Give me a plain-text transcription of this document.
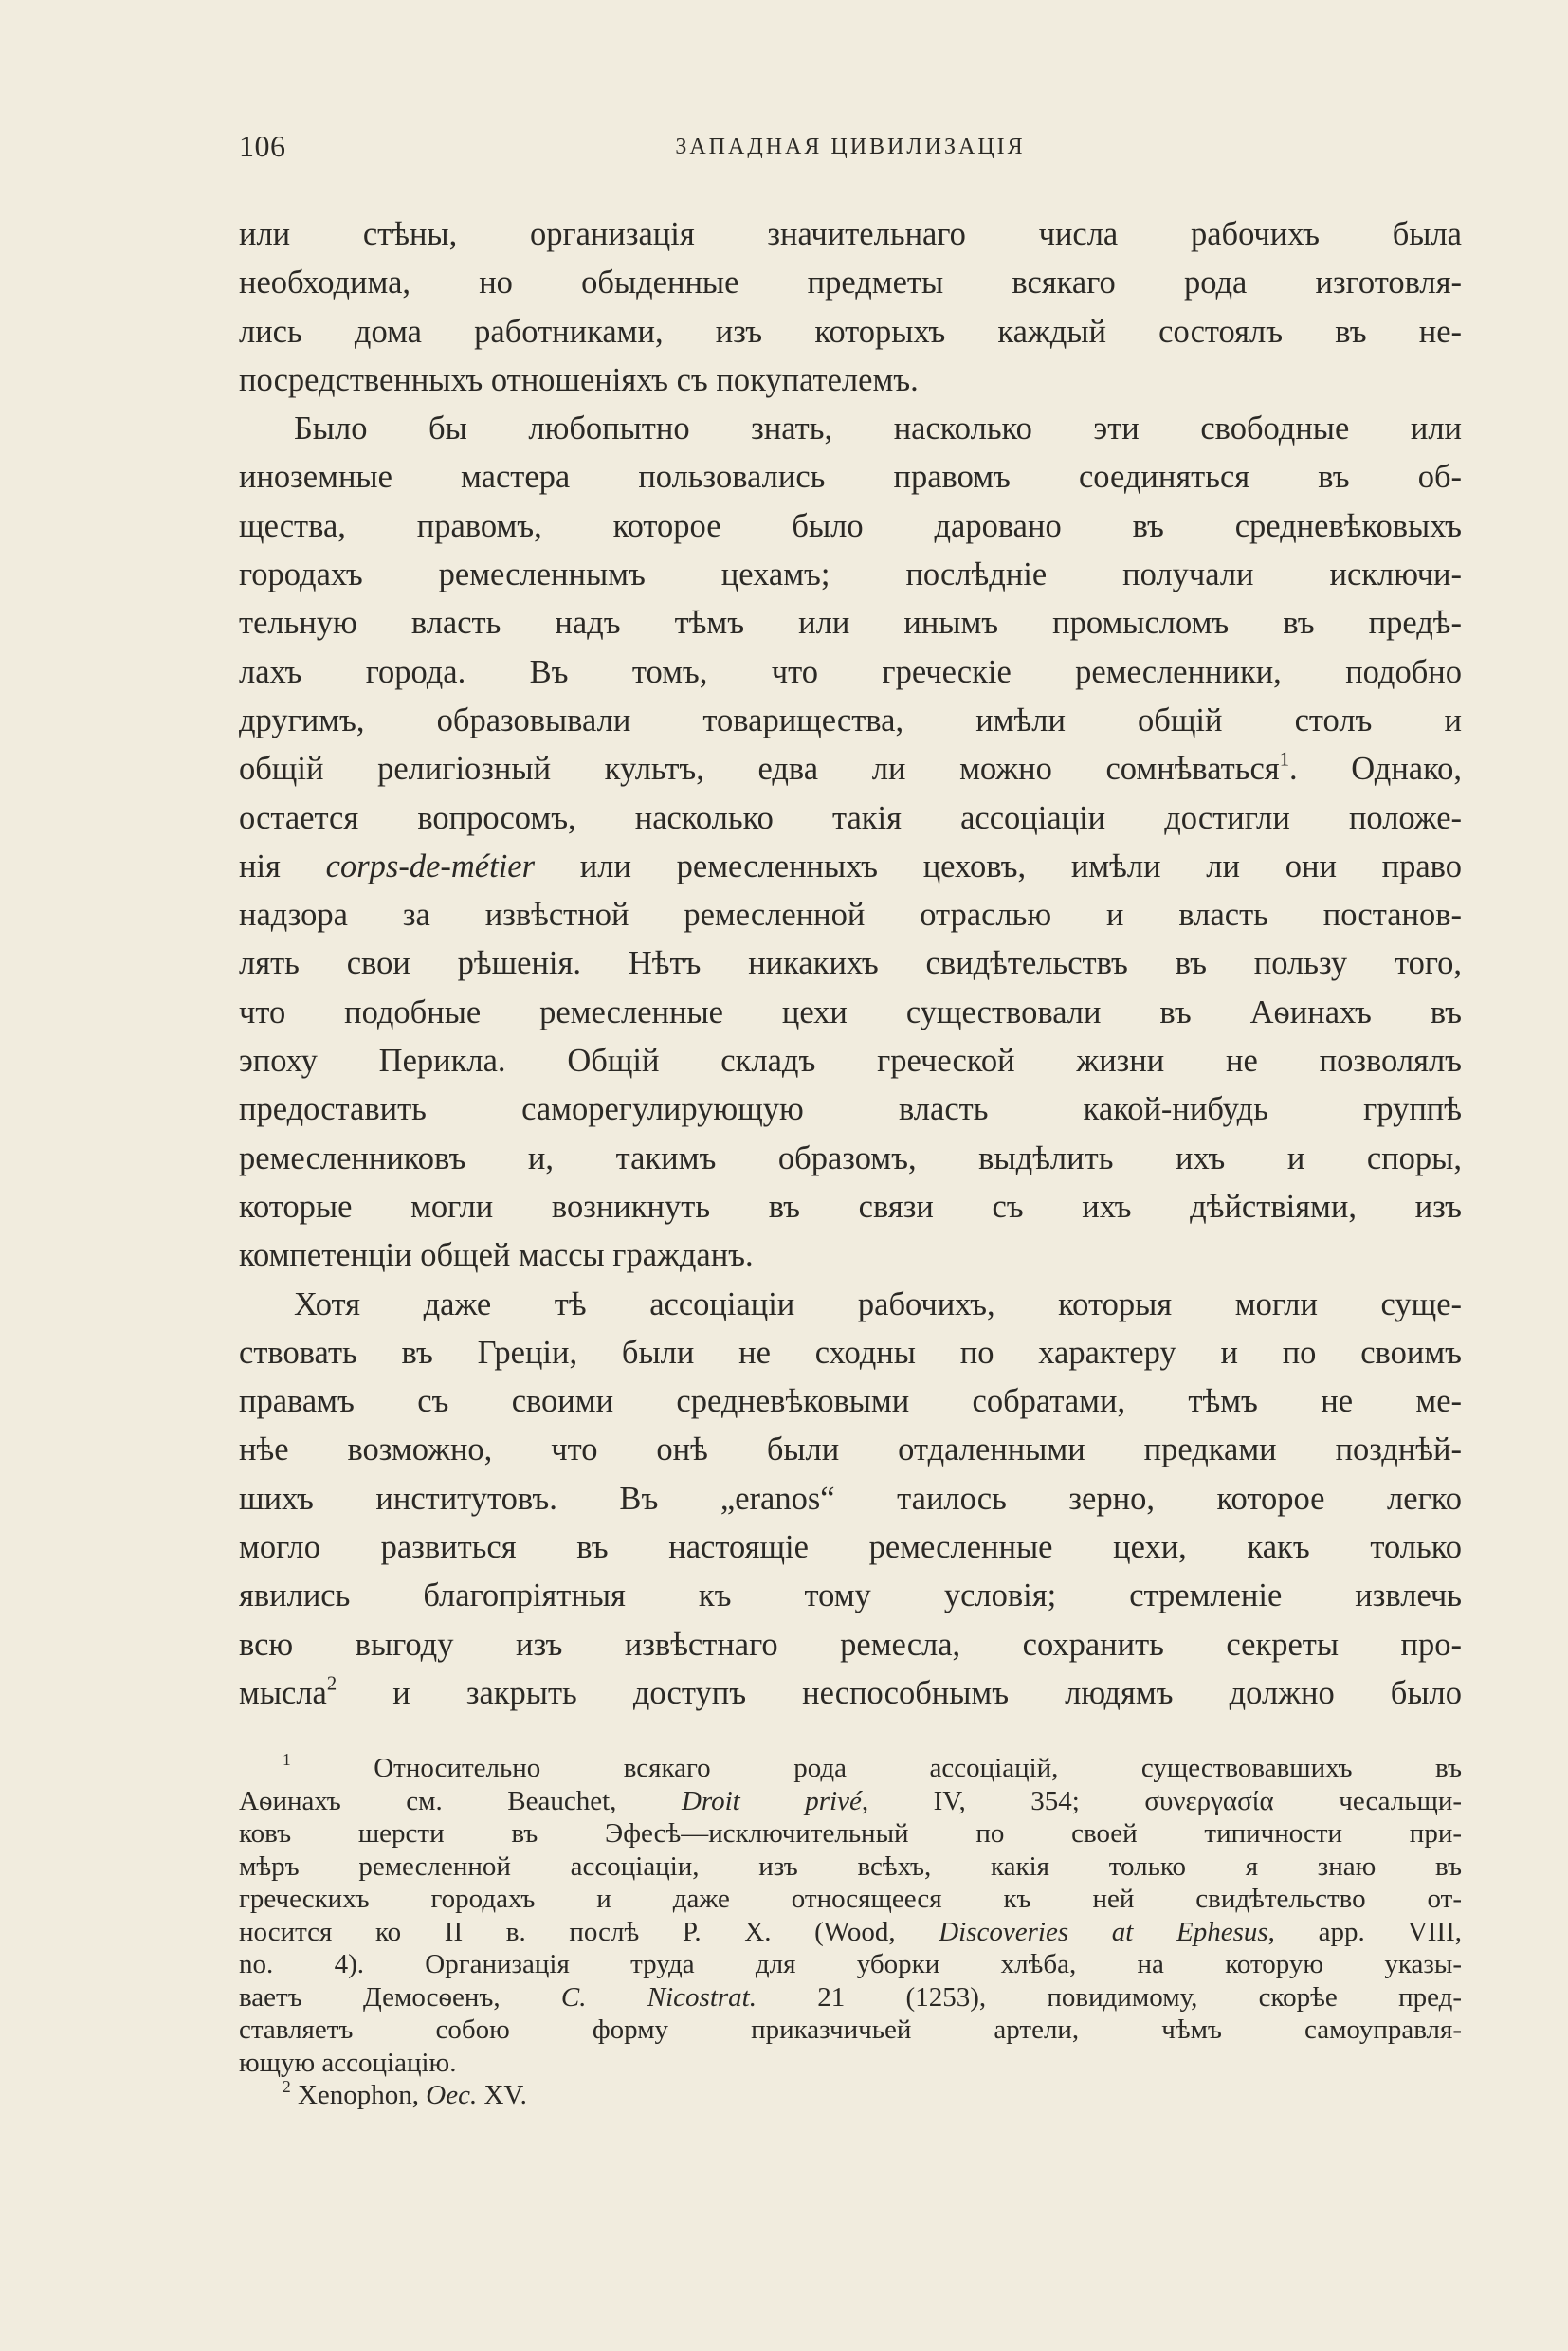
106	ЗАПАДНАЯ ЦИВИЛИЗАЦІЯ
или стѣны, организація значительнаго числа рабочихъ была
необходима, но обыденные предметы всякаго рода изготовля-
лись дома работниками, изъ которыхъ каждый состоялъ въ не-
посредственныхъ отношеніяхъ съ покупателемъ.
Было бы любопытно знать, насколько эти свободные или
иноземные мастера пользовались правомъ соединяться въ об-
щества, правомъ, которое было даровано въ средневѣковыхъ
городахъ ремесленнымъ цехамъ; послѣдніе получали исключи-
тельную власть надъ тѣмъ или инымъ промысломъ въ предѣ-
лахъ города. Въ томъ, что греческіе ремесленники, подобно
другимъ, образовывали товарищества, имѣли общій столъ и
общій религіозный культъ, едва ли можно сомнѣваться$^1$. Однако,
остается вопросомъ, насколько такія ассоціаціи достигли положе-
нія corps-de-métier или ремесленныхъ цеховъ, имѣли ли они право
надзора за извѣстной ремесленной отраслью и власть постанов-
лять свои рѣшенія. Нѣтъ никакихъ свидѣтельствъ въ пользу того,
что подобные ремесленные цехи существовали въ Аѳинахъ въ
эпоху Перикла. Общій складъ греческой жизни не позволялъ
предоставить саморегулирующую власть какой-нибудь группѣ
ремесленниковъ и, такимъ образомъ, выдѣлить ихъ и споры,
которые могли возникнуть въ связи съ ихъ дѣйствіями, изъ
компетенціи общей массы гражданъ.
Хотя даже тѣ ассоціаціи рабочихъ, которыя могли суще-
ствовать въ Греціи, были не сходны по характеру и по своимъ
правамъ съ своими средневѣковыми собратами, тѣмъ не ме-
нѣе возможно, что онѣ были отдаленными предками позднѣй-
шихъ институтовъ. Въ „eranos“ таилось зерно, которое легко
могло развиться въ настоящіе ремесленные цехи, какъ только
явились благопріятныя къ тому условія; стремленіе извлечь
всю выгоду изъ извѣстнаго ремесла, сохранить секреты про-
мысла$^2$ и закрыть доступъ неспособнымъ людямъ должно было
$^1$ Относительно всякаго рода ассоціацій, существовавшихъ въ
Аѳинахъ см. Beauchet, Droit privé, IV, 354; συνεργασία чесальщи-
ковъ шерсти въ Эфесѣ—исключительный по своей типичности при-
мѣръ ремесленной ассоціаціи, изъ всѣхъ, какія только я знаю въ
греческихъ городахъ и даже относящееся къ ней свидѣтельство от-
носится ко II в. послѣ Р. X. (Wood, Discoveries at Ephesus, app. VIII,
no. 4). Организація труда для уборки хлѣба, на которую указы-
ваетъ Демосѳенъ, C. Nicostrat. 21 (1253), повидимому, скорѣе пред-
ставляетъ собою форму приказчичьей артели, чѣмъ самоуправля-
ющую ассоціацію.
$^2$ Xenophon, Oec. XV.
